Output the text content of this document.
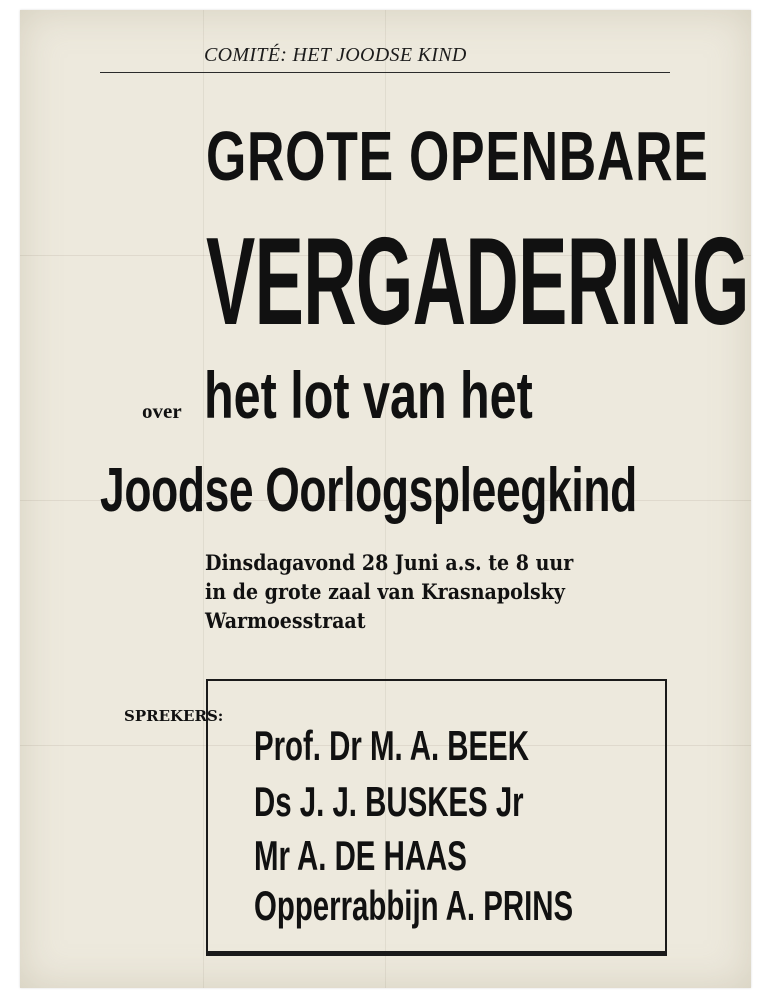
COMITÉ: HET JOODSE KIND
GROTE OPENBARE
VERGADERING
over het lot van het
Joodse Oorlogspleegkind
Dinsdagavond 28 Juni a.s. te 8 uur
in de grote zaal van Krasnapolsky
Warmoesstraat
SPREKERS:
Prof. Dr M. A. BEEK
Ds J. J. BUSKES Jr
Mr A. DE HAAS
Opperrabbijn A. PRINS
